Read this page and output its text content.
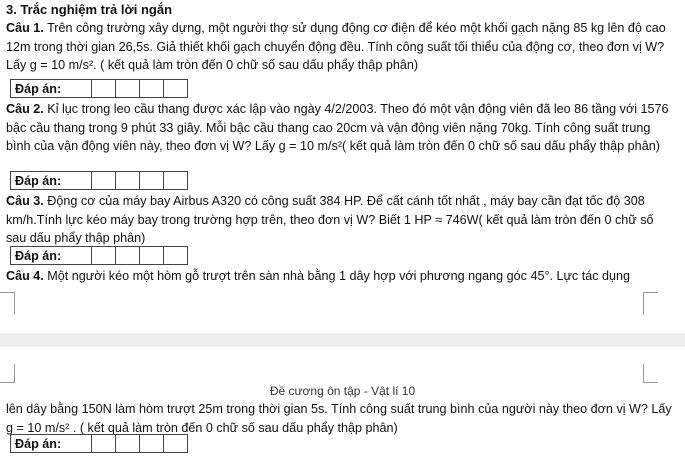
3. Trắc nghiệm trả lời ngắn
Câu 1. Trên công trường xây dựng, một người thợ sử dụng động cơ điện để kéo một khối gạch nặng 85 kg lên độ cao 12m trong thời gian 26,5s. Giả thiết khối gạch chuyển động đều. Tính công suất tối thiểu của động cơ, theo đơn vị W? Lấy g = 10 m/s². ( kết quả làm tròn đến 0 chữ số sau dấu phẩy thập phân)
Đáp án:				
Câu 2. Kỉ lục trong leo cầu thang được xác lập vào ngày 4/2/2003. Theo đó một vận động viên đã leo 86 tầng với 1576 bậc cầu thang trong 9 phút 33 giây. Mỗi bậc cầu thang cao 20cm và vận động viên nặng 70kg. Tính công suất trung bình của vận động viên này, theo đơn vị W? Lấy g = 10 m/s²( kết quả làm tròn đến 0 chữ số sau dấu phẩy thập phân)
Đáp án:				
Câu 3. Động cơ của máy bay Airbus A320 có công suất 384 HP. Để cất cánh tốt nhất , máy bay cần đạt tốc độ 308 km/h.Tính lực kéo máy bay trong trường hợp trên, theo đơn vị W? Biết 1 HP ≈ 746W( kết quả làm tròn đến 0 chữ số sau dấu phẩy thập phân)
Đáp án:				
Câu 4. Một người kéo một hòm gỗ trượt trên sàn nhà bằng 1 dây hợp với phương ngang góc 45°. Lực tác dụng
Đề cương ôn tập - Vật lí 10
lên dây bằng 150N làm hòm trượt 25m trong thời gian 5s. Tính công suất trung bình của người này theo đơn vị W? Lấy g = 10 m/s² . ( kết quả làm tròn đến 0 chữ số sau dấu phẩy thập phân)
Đáp án:				
